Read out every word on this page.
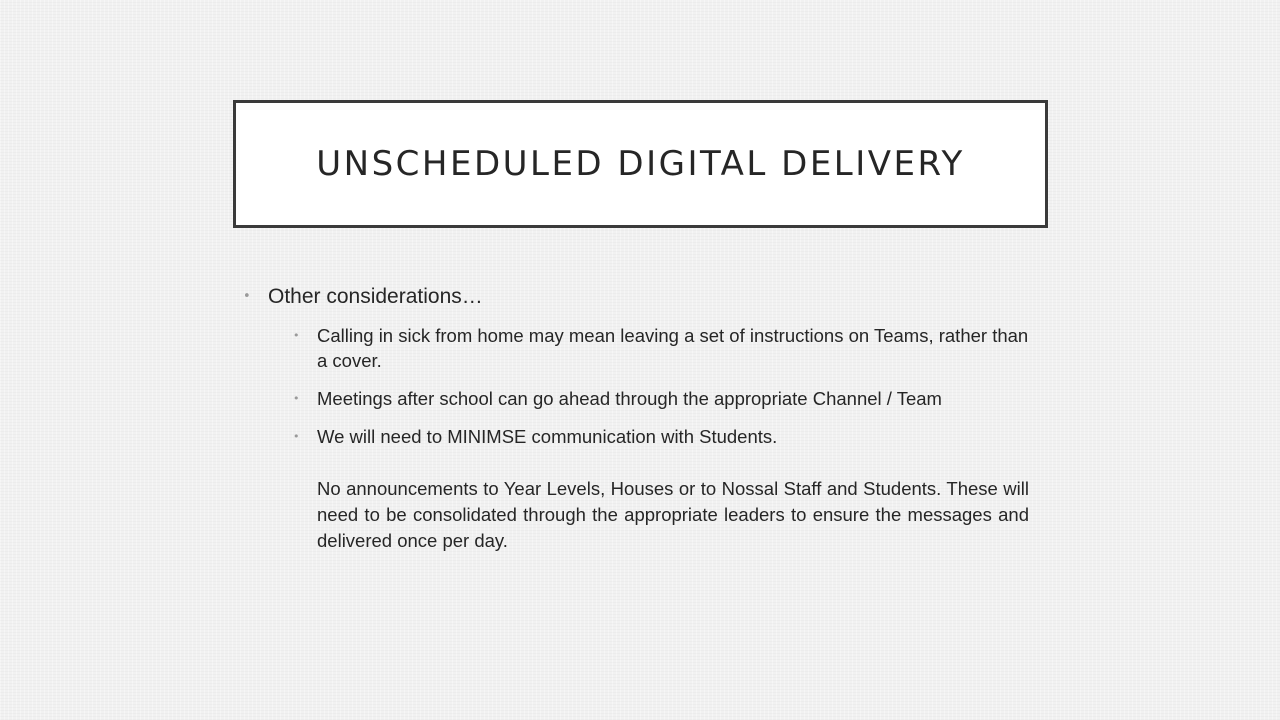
UNSCHEDULED DIGITAL DELIVERY
• Other considerations…
• Calling in sick from home may mean leaving a set of instructions on Teams, rather than a cover.
• Meetings after school can go ahead through the appropriate Channel / Team
• We will need to MINIMSE communication with Students.
No announcements to Year Levels, Houses or to Nossal Staff and Students. These will need to be consolidated through the appropriate leaders to ensure the messages and delivered once per day.
